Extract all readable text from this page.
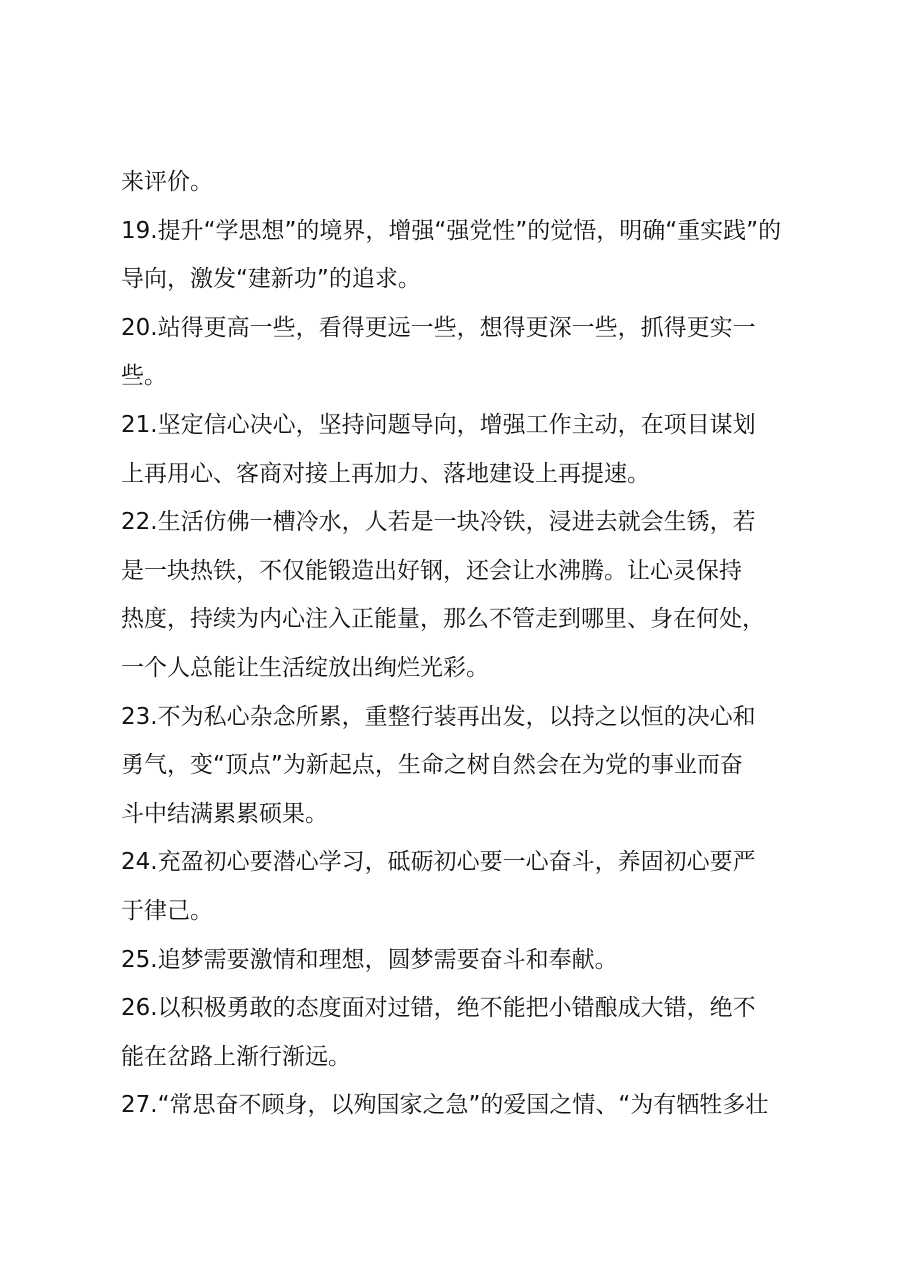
来评价。
19.提升“学思想”的境界，增强“强党性”的觉悟，明确“重实践”的
导向，激发“建新功”的追求。
20.站得更高一些，看得更远一些，想得更深一些，抓得更实一
些。
21.坚定信心决心，坚持问题导向，增强工作主动，在项目谋划
上再用心、客商对接上再加力、落地建设上再提速。
22.生活仿佛一槽冷水，人若是一块冷铁，浸进去就会生锈，若
是一块热铁，不仅能锻造出好钢，还会让水沸腾。让心灵保持
热度，持续为内心注入正能量，那么不管走到哪里、身在何处，
一个人总能让生活绽放出绚烂光彩。
23.不为私心杂念所累，重整行装再出发，以持之以恒的决心和
勇气，变“顶点”为新起点，生命之树自然会在为党的事业而奋
斗中结满累累硕果。
24.充盈初心要潜心学习，砥砺初心要一心奋斗，养固初心要严
于律己。
25.追梦需要激情和理想，圆梦需要奋斗和奉献。
26.以积极勇敢的态度面对过错，绝不能把小错酿成大错，绝不
能在岔路上渐行渐远。
27.“常思奋不顾身，以殉国家之急”的爱国之情、“为有牺牲多壮
